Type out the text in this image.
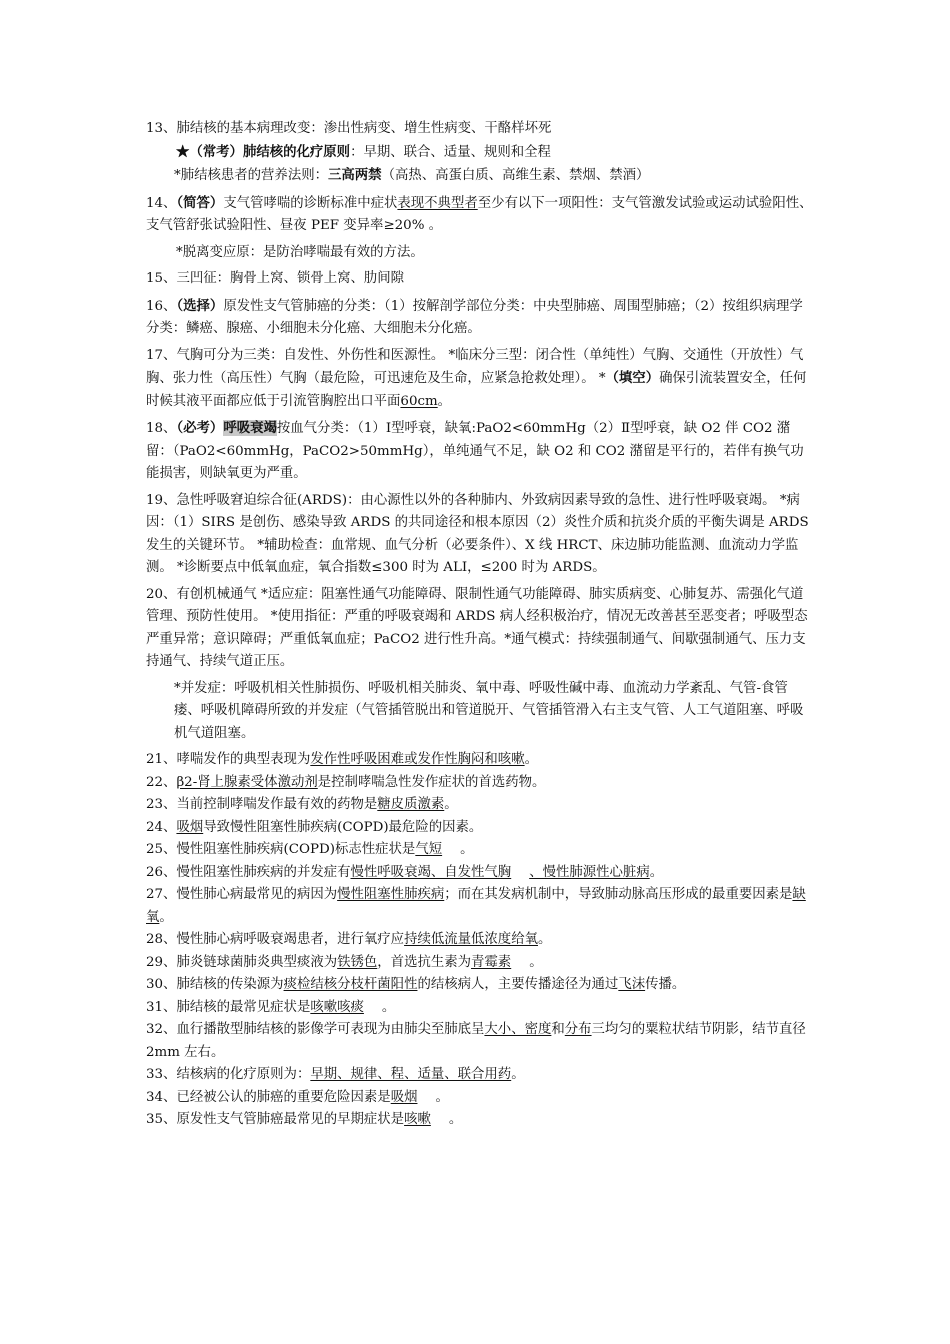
13、肺结核的基本病理改变：渗出性病变、增生性病变、干酪样坏死

★（常考）肺结核的化疗原则：早期、联合、适量、规则和全程

*肺结核患者的营养法则：三高两禁（高热、高蛋白质、高维生素、禁烟、禁酒）

14、（简答）支气管哮喘的诊断标准中症状表现不典型者至少有以下一项阳性：支气管激发试验或运动试验阳性、支气管舒张试验阳性、昼夜 PEF 变异率≥20% 。

*脱离变应原：是防治哮喘最有效的方法。

15、三凹征：胸骨上窝、锁骨上窝、肋间隙

16、（选择）原发性支气管肺癌的分类：（1）按解剖学部位分类：中央型肺癌、周围型肺癌；（2）按组织病理学分类：鳞癌、腺癌、小细胞未分化癌、大细胞未分化癌。

17、气胸可分为三类：自发性、外伤性和医源性。 *临床分三型：闭合性（单纯性）气胸、交通性（开放性）气胸、张力性（高压性）气胸（最危险，可迅速危及生命，应紧急抢救处理）。 *（填空）确保引流装置安全，任何时候其液平面都应低于引流管胸腔出口平面60cm。

18、（必考）呼吸衰竭按血气分类：（1）Ⅰ型呼衰，缺氧:PaO2<60mmHg（2）Ⅱ型呼衰，缺 O2 伴 CO2 潴留：（PaO2<60mmHg，PaCO2>50mmHg），单纯通气不足，缺 O2 和 CO2 潴留是平行的，若伴有换气功能损害，则缺氧更为严重。

19、急性呼吸窘迫综合征(ARDS)：由心源性以外的各种肺内、外致病因素导致的急性、进行性呼吸衰竭。 *病因：（1）SIRS 是创伤、感染导致 ARDS 的共同途径和根本原因（2）炎性介质和抗炎介质的平衡失调是 ARDS 发生的关键环节。 *辅助检查：血常规、血气分析（必要条件）、X 线 HRCT、床边肺功能监测、血流动力学监测。 *诊断要点中低氧血症，氧合指数≤300 时为 ALI，≤200 时为 ARDS。

20、有创机械通气 *适应症：阻塞性通气功能障碍、限制性通气功能障碍、肺实质病变、心肺复苏、需强化气道管理、预防性使用。 *使用指征：严重的呼吸衰竭和 ARDS 病人经积极治疗，情况无改善甚至恶变者；呼吸型态严重异常；意识障碍；严重低氧血症；PaCO2 进行性升高。*通气模式：持续强制通气、间歇强制通气、压力支持通气、持续气道正压。

*并发症：呼吸机相关性肺损伤、呼吸机相关肺炎、氧中毒、呼吸性碱中毒、血流动力学紊乱、气管-食管瘘、呼吸机障碍所致的并发症（气管插管脱出和管道脱开、气管插管滑入右主支气管、人工气道阻塞、呼吸机气道阻塞。

21、哮喘发作的典型表现为发作性呼吸困难或发作性胸闷和咳嗽。

22、β2-肾上腺素受体激动剂是控制哮喘急性发作症状的首选药物。

23、当前控制哮喘发作最有效的药物是糖皮质激素。

24、吸烟导致慢性阻塞性肺疾病(COPD)最危险的因素。

25、慢性阻塞性肺疾病(COPD)标志性症状是气短 。

26、慢性阻塞性肺疾病的并发症有慢性呼吸衰竭、自发性气胸 、慢性肺源性心脏病。

27、慢性肺心病最常见的病因为慢性阻塞性肺疾病；而在其发病机制中，导致肺动脉高压形成的最重要因素是缺氧。

28、慢性肺心病呼吸衰竭患者，进行氧疗应持续低流量低浓度给氧。

29、肺炎链球菌肺炎典型痰液为铁锈色，首选抗生素为青霉素 。

30、肺结核的传染源为痰检结核分枝杆菌阳性的结核病人，主要传播途径为通过飞沫传播。

31、肺结核的最常见症状是咳嗽咳痰 。

32、血行播散型肺结核的影像学可表现为由肺尖至肺底呈大小、密度和分布三均匀的粟粒状结节阴影，结节直径 2mm 左右。

33、结核病的化疗原则为：早期、规律、程、适量、联合用药。

34、已经被公认的肺癌的重要危险因素是吸烟 。

35、原发性支气管肺癌最常见的早期症状是咳嗽 。
